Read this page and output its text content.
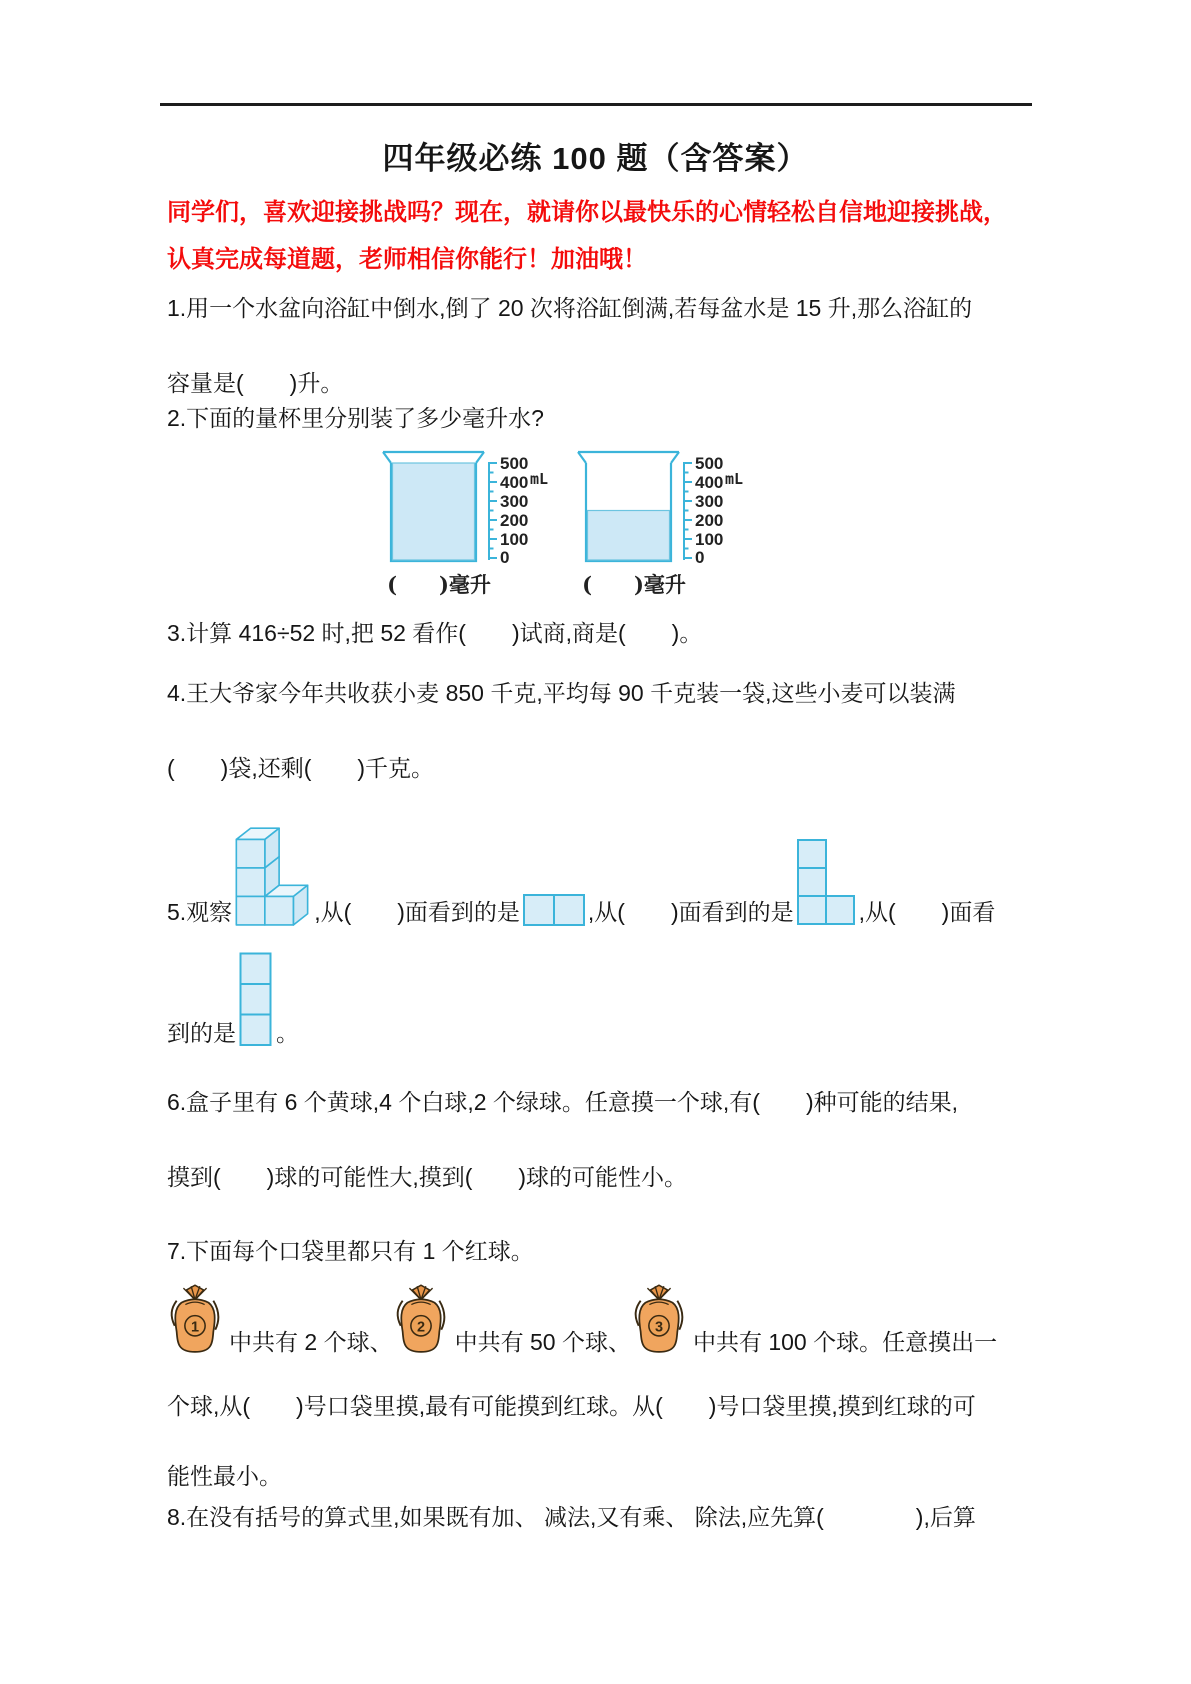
四年级必练 100 题（含答案）
同学们，喜欢迎接挑战吗？现在，就请你以最快乐的心情轻松自信地迎接挑战，
认真完成每道题，老师相信你能行！加油哦！
1.用一个水盆向浴缸中倒水,倒了 20 次将浴缸倒满,若每盆水是 15 升,那么浴缸的
容量是(　　)升。
2.下面的量杯里分别装了多少毫升水?
500
400
300
200
100
0
mL
(　　)毫升
500
400
300
200
100
0
mL
(　　)毫升
3.计算 416÷52 时,把 52 看作(　　)试商,商是(　　)。
4.王大爷家今年共收获小麦 850 千克,平均每 90 千克装一袋,这些小麦可以装满
(　　)袋,还剩(　　)千克。
5.观察	,从(　　)面看到的是	,从(　　)面看到的是	,从(　　)面看
到的是 。
6.盒子里有 6 个黄球,4 个白球,2 个绿球。任意摸一个球,有(　　)种可能的结果,
摸到(　　)球的可能性大,摸到(　　)球的可能性小。
7.下面每个口袋里都只有 1 个红球。
1
中共有 2 个球、
2
中共有 50 个球、
3
中共有 100 个球。任意摸出一
个球,从(　　)号口袋里摸,最有可能摸到红球。从(　　)号口袋里摸,摸到红球的可
能性最小。
8.在没有括号的算式里,如果既有加、 减法,又有乘、 除法,应先算(　　　　),后算
